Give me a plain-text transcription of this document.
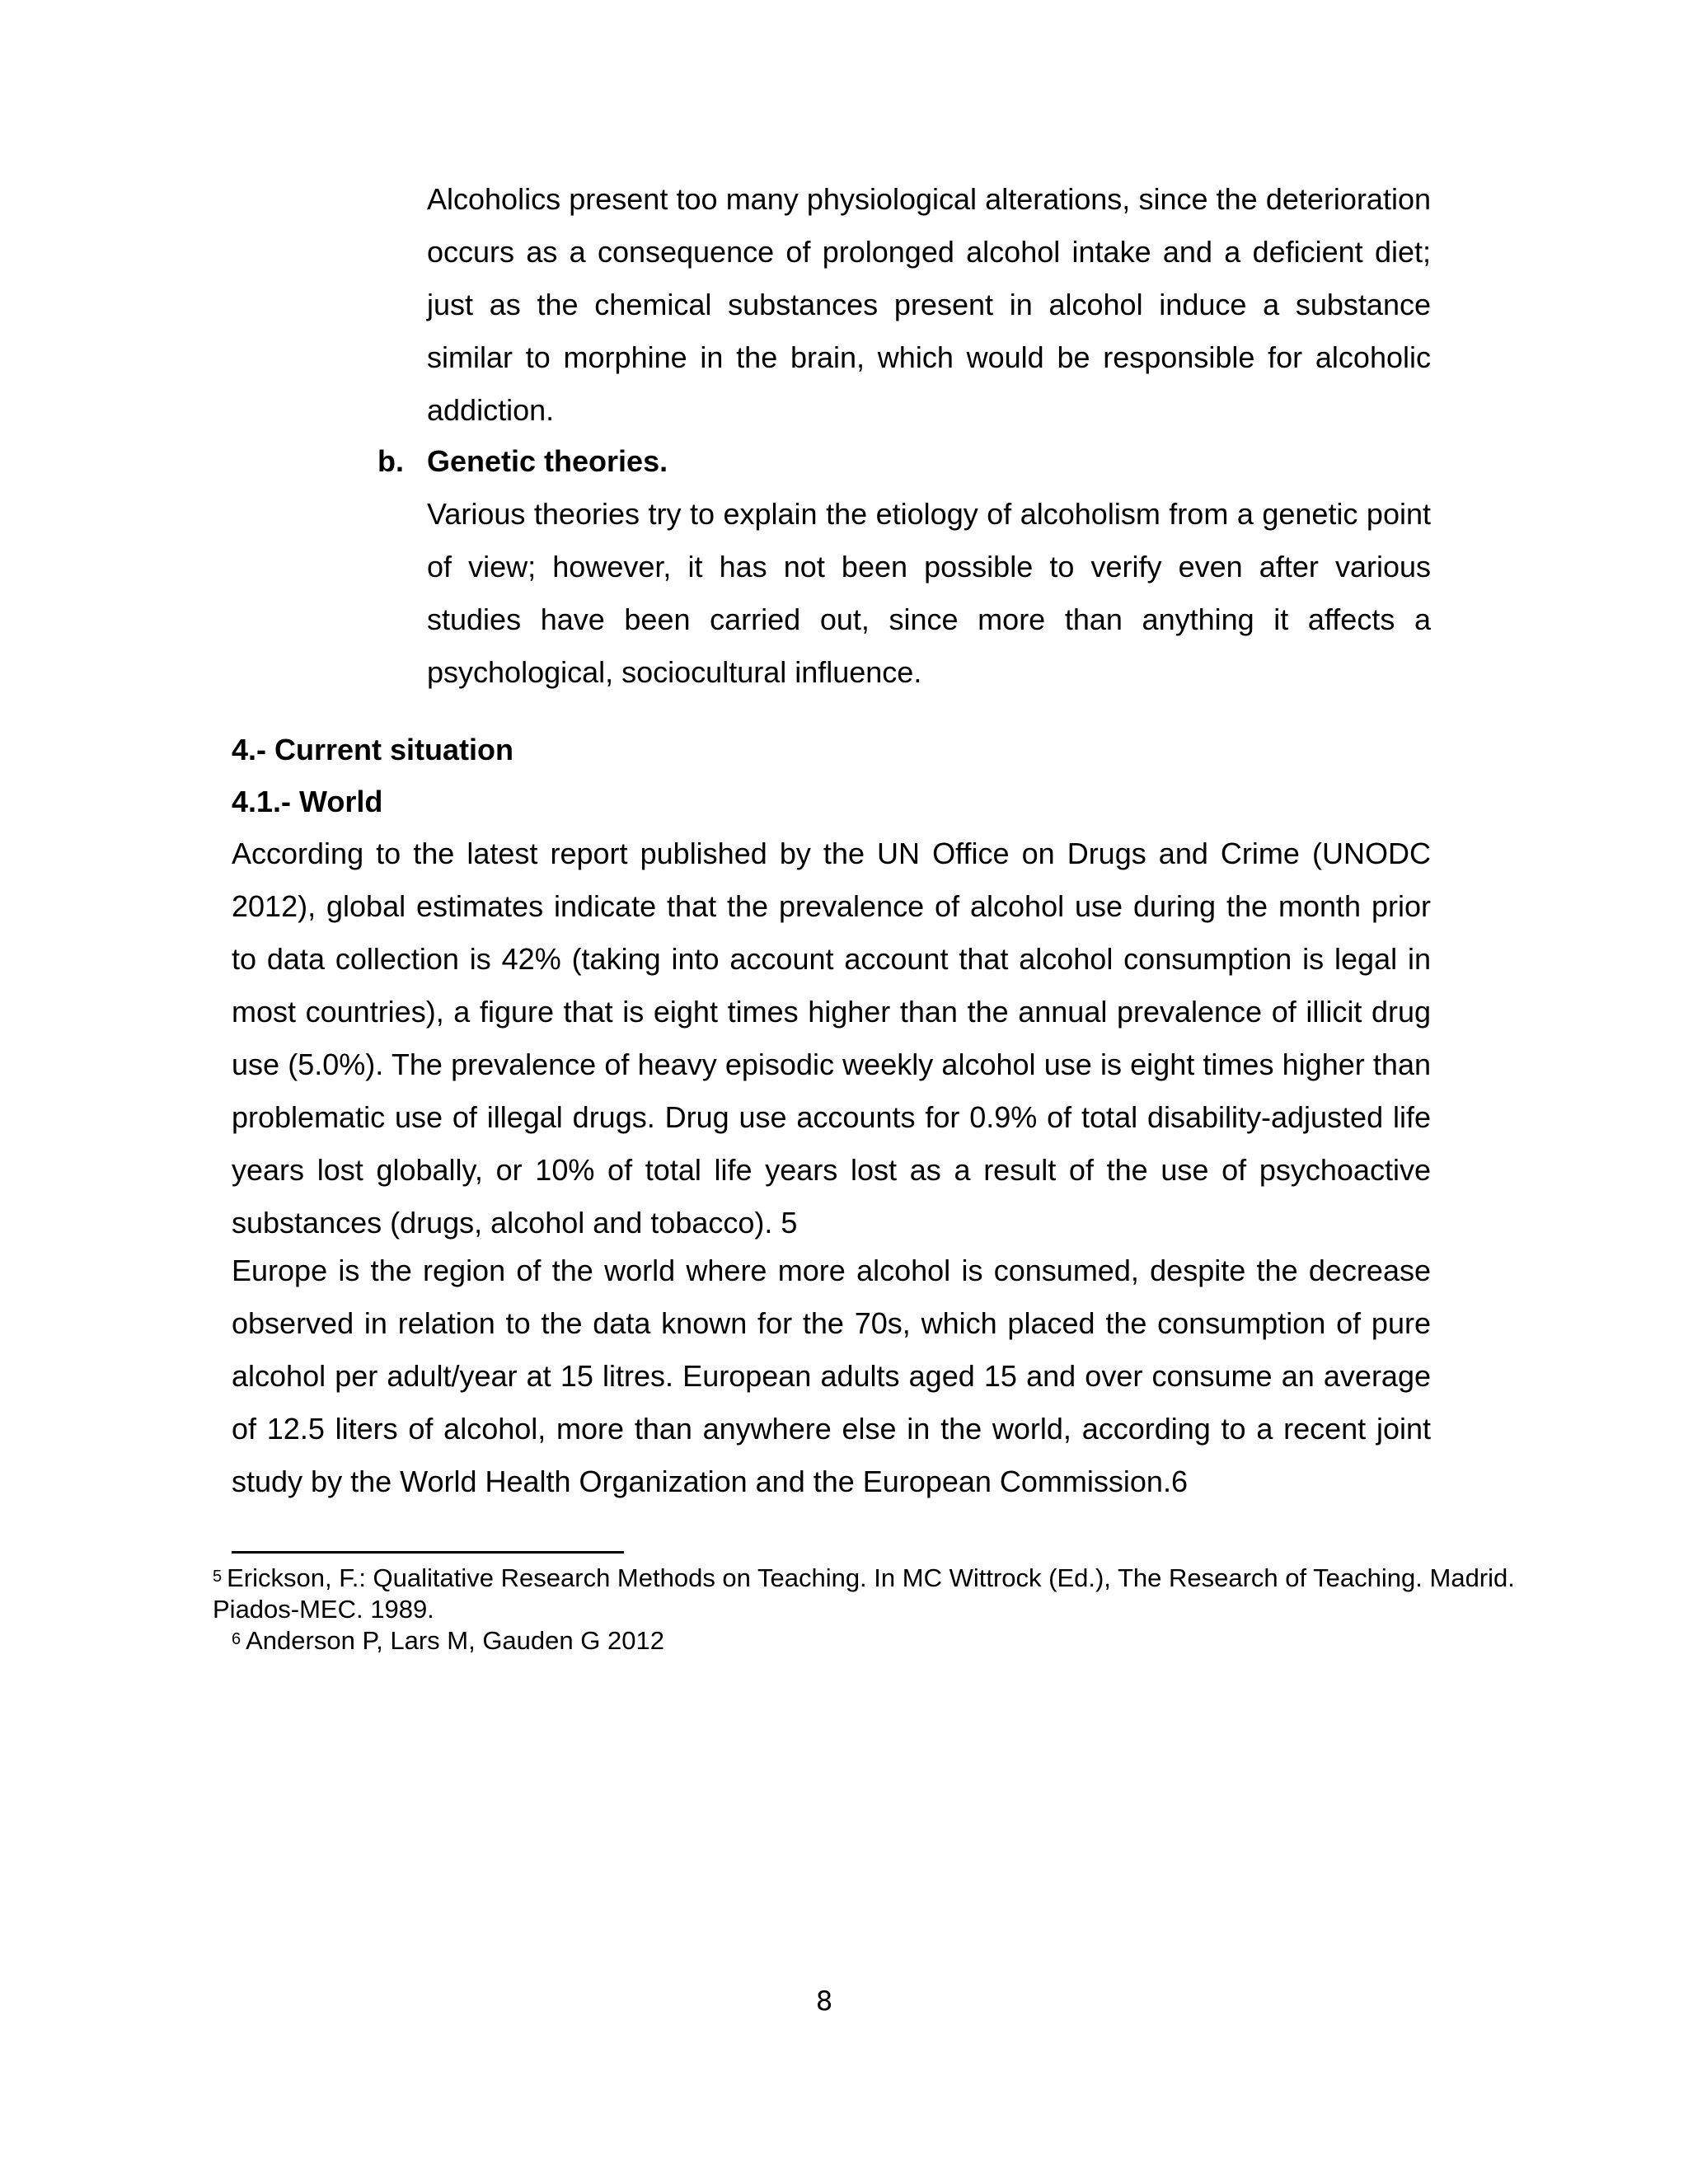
Alcoholics present too many physiological alterations, since the deterioration occurs as a consequence of prolonged alcohol intake and a deficient diet; just as the chemical substances present in alcohol induce a substance similar to morphine in the brain, which would be responsible for alcoholic addiction.

b. Genetic theories.

Various theories try to explain the etiology of alcoholism from a genetic point of view; however, it has not been possible to verify even after various studies have been carried out, since more than anything it affects a psychological, sociocultural influence.

4.- Current situation

4.1.- World

According to the latest report published by the UN Office on Drugs and Crime (UNODC 2012), global estimates indicate that the prevalence of alcohol use during the month prior to data collection is 42% (taking into account account that alcohol consumption is legal in most countries), a figure that is eight times higher than the annual prevalence of illicit drug use (5.0%). The prevalence of heavy episodic weekly alcohol use is eight times higher than problematic use of illegal drugs. Drug use accounts for 0.9% of total disability-adjusted life years lost globally, or 10% of total life years lost as a result of the use of psychoactive substances (drugs, alcohol and tobacco). 5

Europe is the region of the world where more alcohol is consumed, despite the decrease observed in relation to the data known for the 70s, which placed the consumption of pure alcohol per adult/year at 15 litres. European adults aged 15 and over consume an average of 12.5 liters of alcohol, more than anywhere else in the world, according to a recent joint study by the World Health Organization and the European Commission.6

$^5$ Erickson, F.: Qualitative Research Methods on Teaching. In MC Wittrock (Ed.), The Research of Teaching. Madrid. Piados-MEC. 1989.

$^6$ Anderson P, Lars M, Gauden G 2012

8
